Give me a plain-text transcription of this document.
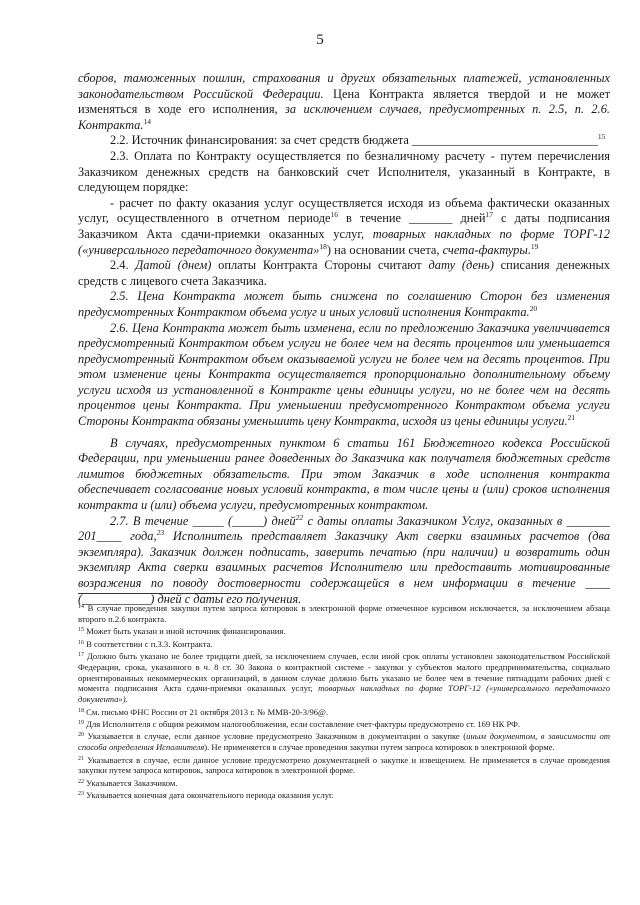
5

сборов, таможенных пошлин, страхования и других обязательных платежей, установленных законодательством Российской Федерации. Цена Контракта является твердой и не может изменяться в ходе его исполнения, за исключением случаев, предусмотренных п. 2.5, п. 2.6. Контракта.$^{14}$

2.2. Источник финансирования: за счет средств бюджета ______________________________$^{15}$

2.3. Оплата по Контракту осуществляется по безналичному расчету - путем перечисления Заказчиком денежных средств на банковский счет Исполнителя, указанный в Контракте, в следующем порядке:

- расчет по факту оказания услуг осуществляется исходя из объема фактически оказанных услуг, осуществленного в отчетном периоде$^{16}$ в течение _______ дней$^{17}$ с даты подписания Заказчиком Акта сдачи-приемки оказанных услуг, товарных накладных по форме ТОРГ-12 («универсального передаточного документа»$^{18}$) на основании счета, счета-фактуры.$^{19}$

2.4. Датой (днем) оплаты Контракта Стороны считают дату (день) списания денежных средств с лицевого счета Заказчика.

2.5. Цена Контракта может быть снижена по соглашению Сторон без изменения предусмотренных Контрактом объема услуг и иных условий исполнения Контракта.$^{20}$

2.6. Цена Контракта может быть изменена, если по предложению Заказчика увеличивается предусмотренный Контрактом объем услуги не более чем на десять процентов или уменьшается предусмотренный Контрактом объем оказываемой услуги не более чем на десять процентов. При этом изменение цены Контракта осуществляется пропорционально дополнительному объему услуги исходя из установленной в Контракте цены единицы услуги, но не более чем на десять процентов цены Контракта. При уменьшении предусмотренного Контрактом объема услуги Стороны Контракта обязаны уменьшить цену Контракта, исходя из цены единицы услуги.$^{21}$

В случаях, предусмотренных пунктом 6 статьи 161 Бюджетного кодекса Российской Федерации, при уменьшении ранее доведенных до Заказчика как получателя бюджетных средств лимитов бюджетных обязательств. При этом Заказчик в ходе исполнения контракта обеспечивает согласование новых условий контракта, в том числе цены и (или) сроков исполнения контракта и (или) объема услуги, предусмотренных контрактом.

2.7. В течение _____ (_____) дней$^{22}$ с даты оплаты Заказчиком Услуг, оказанных в _______ 201____ года,$^{23}$ Исполнитель представляет Заказчику Акт сверки взаимных расчетов (два экземпляра). Заказчик должен подписать, заверить печатью (при наличии) и возвратить один экземпляр Акта сверки взаимных расчетов Исполнителю или предоставить мотивированные возражения по поводу достоверности содержащейся в нем информации в течение ____ (___________) дней с даты его получения.

$^{14}$ В случае проведения закупки путем запроса котировок в электронной форме отмеченное курсивом исключается, за исключением абзаца второго п.2.6 контракта.

$^{15}$ Может быть указан и иной источник финансирования.

$^{16}$ В соответствии с п.3.3. Контракта.

$^{17}$ Должно быть указано не более тридцати дней, за исключением случаев, если иной срок оплаты установлен законодательством Российской Федерации, срока, указанного в ч. 8 ст. 30 Закона о контрактной системе - закупки у субъектов малого предпринимательства, социально ориентированных некоммерческих организаций, в данном случае должно быть указано не более чем в течение пятнадцати рабочих дней с момента подписания Акта сдачи-приемки оказанных услуг, товарных накладных по форме ТОРГ-12 («универсального передаточного документа»).

$^{18}$ См. письмо ФНС России от 21 октября 2013 г. № ММВ-20-3/96@.

$^{19}$ Для Исполнителя с общим режимом налогообложения, если составление счет-фактуры предусмотрено ст. 169 НК РФ.

$^{20}$ Указывается в случае, если данное условие предусмотрено Заказчиком в документации о закупке (иным документом, в зависимости от способа определения Исполнителя). Не применяется в случае проведения закупки путем запроса котировок в электронной форме.

$^{21}$ Указывается в случае, если данное условие предусмотрено документацией о закупке и извещением. Не применяется в случае проведения закупки путем запроса котировок, запроса котировок в электронной форме.

$^{22}$ Указывается Заказчиком.

$^{23}$ Указывается конечная дата окончательного периода оказания услуг.
